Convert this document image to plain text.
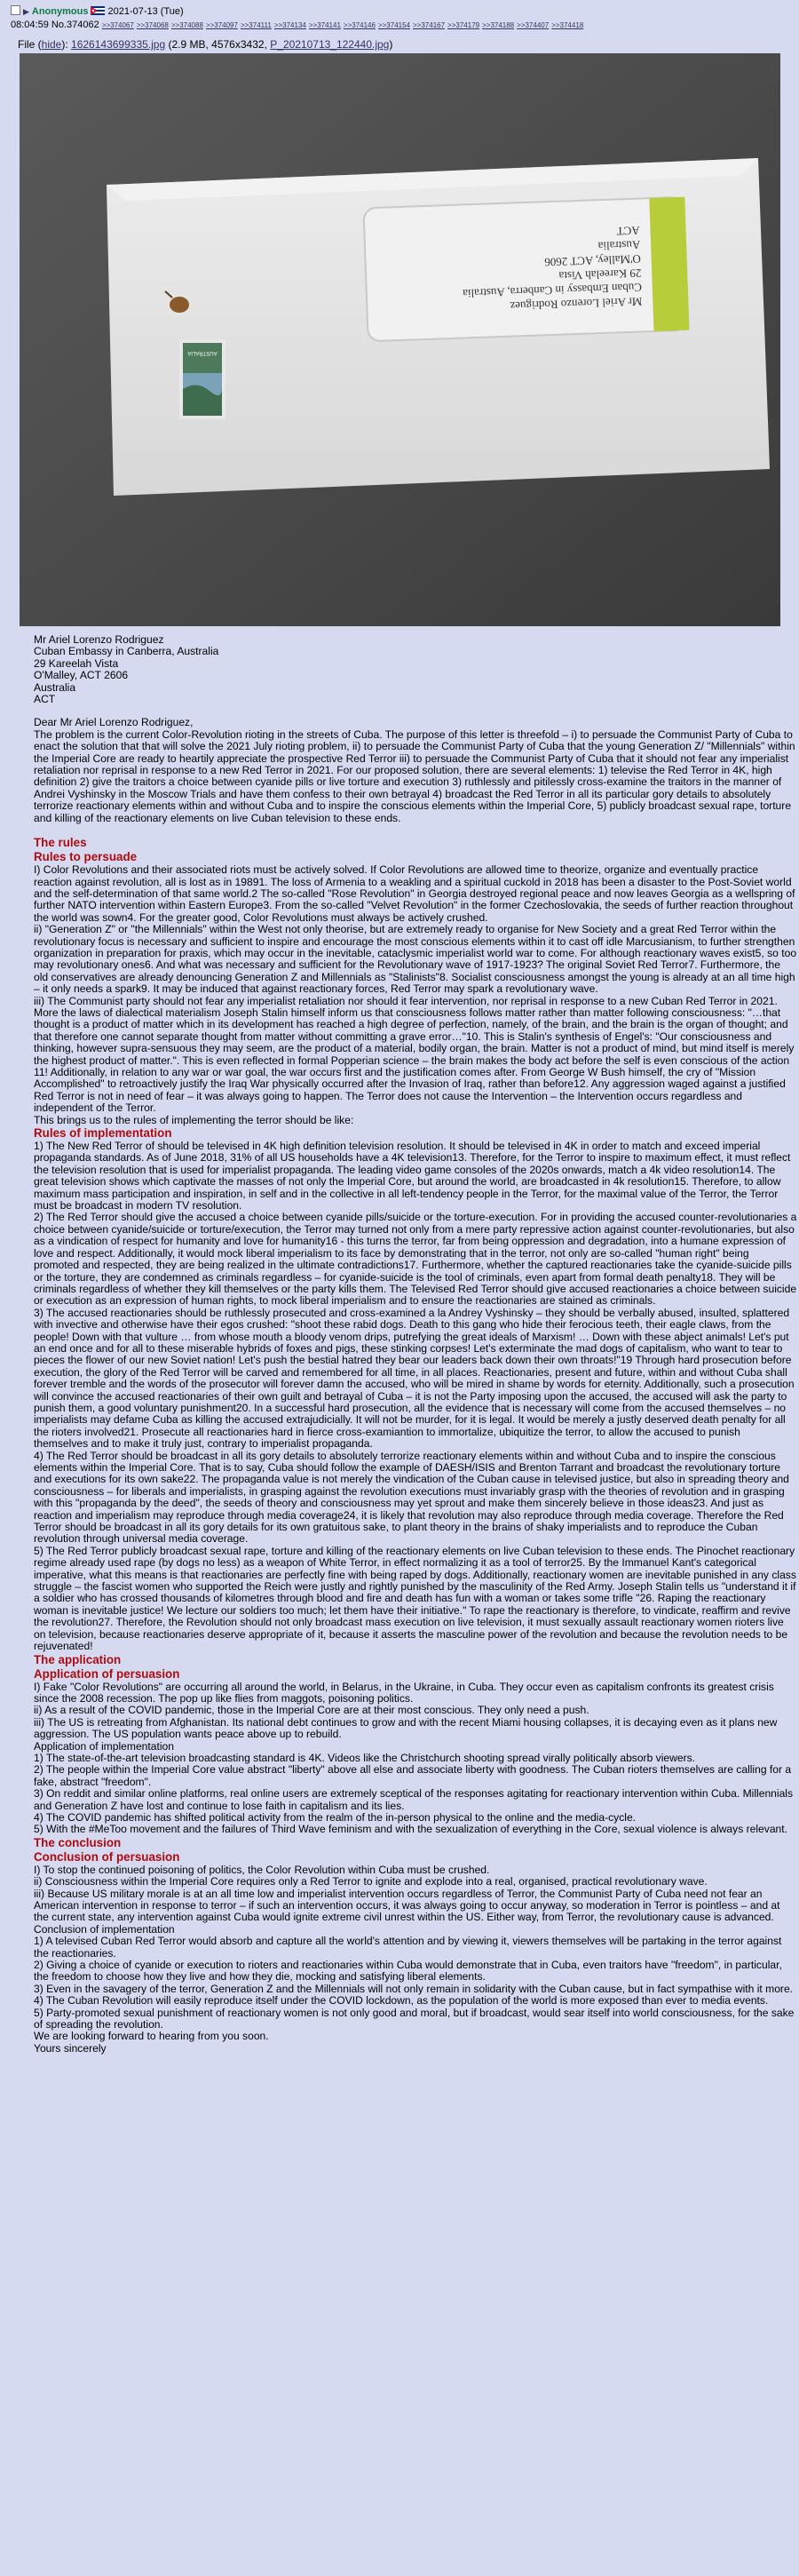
▶ Anonymous 2021-07-13 (Tue)
08:04:59 No.374062 >>374067 >>374068 >>374088 >>374097 >>374111 >>374134 >>374141 >>374146 >>374154 >>374167 >>374179 >>374188 >>374407 >>374418
File (hide): 1626143699335.jpg (2.9 MB, 4576x3432, P_20210713_122440.jpg)
Mr Ariel Lorenzo Rodriguez
Cuban Embassy in Canberra, Australia
29 Kareelah Vista
O'Malley, ACT 2606
Australia
ACT
AUSTRALIA

Mr Ariel Lorenzo Rodriguez

Cuban Embassy in Canberra, Australia

29 Kareelah Vista

O'Malley, ACT 2606

Australia

ACT

Dear Mr Ariel Lorenzo Rodriguez,

The problem is the current Color-Revolution rioting in the streets of Cuba. The purpose of this letter is threefold – i) to persuade the Communist Party of Cuba to enact the solution that that will solve the 2021 July rioting problem, ii) to persuade the Communist Party of Cuba that the young Generation Z/ "Millennials" within the Imperial Core are ready to heartily appreciate the prospective Red Terror iii) to persuade the Communist Party of Cuba that it should not fear any imperialist retaliation nor reprisal in response to a new Red Terror in 2021. For our proposed solution, there are several elements: 1) televise the Red Terror in 4K, high definition 2) give the traitors a choice between cyanide pills or live torture and execution 3) ruthlessly and pitilessly cross-examine the traitors in the manner of Andrei Vyshinsky in the Moscow Trials and have them confess to their own betrayal 4) broadcast the Red Terror in all its particular gory details to absolutely terrorize reactionary elements within and without Cuba and to inspire the conscious elements within the Imperial Core, 5) publicly broadcast sexual rape, torture and killing of the reactionary elements on live Cuban television to these ends.

The rules
Rules to persuade

I) Color Revolutions and their associated riots must be actively solved. If Color Revolutions are allowed time to theorize, organize and eventually practice reaction against revolution, all is lost as in 19891. The loss of Armenia to a weakling and a spiritual cuckold in 2018 has been a disaster to the Post-Soviet world and the self-determination of that same world.2 The so-called "Rose Revolution" in Georgia destroyed regional peace and now leaves Georgia as a wellspring of further NATO intervention within Eastern Europe3. From the so-called "Velvet Revolution" in the former Czechoslovakia, the seeds of further reaction throughout the world was sown4. For the greater good, Color Revolutions must always be actively crushed.

ii) "Generation Z" or "the Millennials" within the West not only theorise, but are extremely ready to organise for New Society and a great Red Terror within the revolutionary focus is necessary and sufficient to inspire and encourage the most conscious elements within it to cast off idle Marcusianism, to further strengthen organization in preparation for praxis, which may occur in the inevitable, cataclysmic imperialist world war to come. For although reactionary waves exist5, so too may revolutionary ones6. And what was necessary and sufficient for the Revolutionary wave of 1917-1923? The original Soviet Red Terror7. Furthermore, the old conservatives are already denouncing Generation Z and Millennials as "Stalinists"8. Socialist consciousness amongst the young is already at an all time high – it only needs a spark9. It may be induced that against reactionary forces, Red Terror may spark a revolutionary wave.

iii) The Communist party should not fear any imperialist retaliation nor should it fear intervention, nor reprisal in response to a new Cuban Red Terror in 2021. More the laws of dialectical materialism Joseph Stalin himself inform us that consciousness follows matter rather than matter following consciousness: "…that thought is a product of matter which in its development has reached a high degree of perfection, namely, of the brain, and the brain is the organ of thought; and that therefore one cannot separate thought from matter without committing a grave error…"10. This is Stalin's synthesis of Engel's: "Our consciousness and thinking, however supra-sensuous they may seem, are the product of a material, bodily organ, the brain. Matter is not a product of mind, but mind itself is merely the highest product of matter.". This is even reflected in formal Popperian science – the brain makes the body act before the self is even conscious of the action 11! Additionally, in relation to any war or war goal, the war occurs first and the justification comes after. From George W Bush himself, the cry of "Mission Accomplished" to retroactively justify the Iraq War physically occurred after the Invasion of Iraq, rather than before12. Any aggression waged against a justified Red Terror is not in need of fear – it was always going to happen. The Terror does not cause the Intervention – the Intervention occurs regardless and independent of the Terror.

This brings us to the rules of implementing the terror should be like:

Rules of implementation

1) The New Red Terror of should be televised in 4K high definition television resolution. It should be televised in 4K in order to match and exceed imperial propaganda standards. As of June 2018, 31% of all US households have a 4K television13. Therefore, for the Terror to inspire to maximum effect, it must reflect the television resolution that is used for imperialist propaganda. The leading video game consoles of the 2020s onwards, match a 4k video resolution14. The great television shows which captivate the masses of not only the Imperial Core, but around the world, are broadcasted in 4k resolution15. Therefore, to allow maximum mass participation and inspiration, in self and in the collective in all left-tendency people in the Terror, for the maximal value of the Terror, the Terror must be broadcast in modern TV resolution.

2) The Red Terror should give the accused a choice between cyanide pills/suicide or the torture-execution. For in providing the accused counter-revolutionaries a choice between cyanide/suicide or torture/execution, the Terror may turned not only from a mere party repressive action against counter-revolutionaries, but also as a vindication of respect for humanity and love for humanity16 - this turns the terror, far from being oppression and degradation, into a humane expression of love and respect. Additionally, it would mock liberal imperialism to its face by demonstrating that in the terror, not only are so-called "human right" being promoted and respected, they are being realized in the ultimate contradictions17. Furthermore, whether the captured reactionaries take the cyanide-suicide pills or the torture, they are condemned as criminals regardless – for cyanide-suicide is the tool of criminals, even apart from formal death penalty18. They will be criminals regardless of whether they kill themselves or the party kills them. The Televised Red Terror should give accused reactionaries a choice between suicide or execution as an expression of human rights, to mock liberal imperialism and to ensure the reactionaries are stained as criminals.

3) The accused reactionaries should be ruthlessly prosecuted and cross-examined a la Andrey Vyshinsky – they should be verbally abused, insulted, splattered with invective and otherwise have their egos crushed: "shoot these rabid dogs. Death to this gang who hide their ferocious teeth, their eagle claws, from the people! Down with that vulture … from whose mouth a bloody venom drips, putrefying the great ideals of Marxism! … Down with these abject animals! Let's put an end once and for all to these miserable hybrids of foxes and pigs, these stinking corpses! Let's exterminate the mad dogs of capitalism, who want to tear to pieces the flower of our new Soviet nation! Let's push the bestial hatred they bear our leaders back down their own throats!"19 Through hard prosecution before execution, the glory of the Red Terror will be carved and remembered for all time, in all places. Reactionaries, present and future, within and without Cuba shall forever tremble and the words of the prosecutor will forever damn the accused, who will be mired in shame by words for eternity. Additionally, such a prosecution will convince the accused reactionaries of their own guilt and betrayal of Cuba – it is not the Party imposing upon the accused, the accused will ask the party to punish them, a good voluntary punishment20. In a successful hard prosecution, all the evidence that is necessary will come from the accused themselves – no imperialists may defame Cuba as killing the accused extrajudicially. It will not be murder, for it is legal. It would be merely a justly deserved death penalty for all the rioters involved21. Prosecute all reactionaries hard in fierce cross-examiantion to immortalize, ubiquitize the terror, to allow the accused to punish themselves and to make it truly just, contrary to imperialist propaganda.

4) The Red Terror should be broadcast in all its gory details to absolutely terrorize reactionary elements within and without Cuba and to inspire the conscious elements within the Imperial Core. That is to say, Cuba should follow the example of DAESH/ISIS and Brenton Tarrant and broadcast the revolutionary torture and executions for its own sake22. The propaganda value is not merely the vindication of the Cuban cause in televised justice, but also in spreading theory and consciousness – for liberals and imperialists, in grasping against the revolution executions must invariably grasp with the theories of revolution and in grasping with this "propaganda by the deed", the seeds of theory and consciousness may yet sprout and make them sincerely believe in those ideas23. And just as reaction and imperialism may reproduce through media coverage24, it is likely that revolution may also reproduce through media coverage. Therefore the Red Terror should be broadcast in all its gory details for its own gratuitous sake, to plant theory in the brains of shaky imperialists and to reproduce the Cuban revolution through universal media coverage.

5) The Red Terror publicly broadcast sexual rape, torture and killing of the reactionary elements on live Cuban television to these ends. The Pinochet reactionary regime already used rape (by dogs no less) as a weapon of White Terror, in effect normalizing it as a tool of terror25. By the Immanuel Kant's categorical imperative, what this means is that reactionaries are perfectly fine with being raped by dogs. Additionally, reactionary women are inevitable punished in any class struggle – the fascist women who supported the Reich were justly and rightly punished by the masculinity of the Red Army. Joseph Stalin tells us "understand it if a soldier who has crossed thousands of kilometres through blood and fire and death has fun with a woman or takes some trifle "26. Raping the reactionary woman is inevitable justice! We lecture our soldiers too much; let them have their initiative." To rape the reactionary is therefore, to vindicate, reaffirm and revive the revolution27. Therefore, the Revolution should not only broadcast mass execution on live television, it must sexually assault reactionary women rioters live on television, because reactionaries deserve appropriate of it, because it asserts the masculine power of the revolution and because the revolution needs to be rejuvenated!

The application
Application of persuasion

I) Fake "Color Revolutions" are occurring all around the world, in Belarus, in the Ukraine, in Cuba. They occur even as capitalism confronts its greatest crisis since the 2008 recession. The pop up like flies from maggots, poisoning politics.

ii) As a result of the COVID pandemic, those in the Imperial Core are at their most conscious. They only need a push.

iii) The US is retreating from Afghanistan. Its national debt continues to grow and with the recent Miami housing collapses, it is decaying even as it plans new aggression. The US population wants peace above up to rebuild.

Application of implementation

1) The state-of-the-art television broadcasting standard is 4K. Videos like the Christchurch shooting spread virally politically absorb viewers.

2) The people within the Imperial Core value abstract "liberty" above all else and associate liberty with goodness. The Cuban rioters themselves are calling for a fake, abstract "freedom".

3) On reddit and similar online platforms, real online users are extremely sceptical of the responses agitating for reactionary intervention within Cuba. Millennials and Generation Z have lost and continue to lose faith in capitalism and its lies.

4) The COVID pandemic has shifted political activity from the realm of the in-person physical to the online and the media-cycle.

5) With the #MeToo movement and the failures of Third Wave feminism and with the sexualization of everything in the Core, sexual violence is always relevant.

The conclusion
Conclusion of persuasion

I) To stop the continued poisoning of politics, the Color Revolution within Cuba must be crushed.

ii) Consciousness within the Imperial Core requires only a Red Terror to ignite and explode into a real, organised, practical revolutionary wave.

iii) Because US military morale is at an all time low and imperialist intervention occurs regardless of Terror, the Communist Party of Cuba need not fear an American intervention in response to terror – if such an intervention occurs, it was always going to occur anyway, so moderation in Terror is pointless – and at the current state, any intervention against Cuba would ignite extreme civil unrest within the US. Either way, from Terror, the revolutionary cause is advanced.

Conclusion of implementation

1) A televised Cuban Red Terror would absorb and capture all the world's attention and by viewing it, viewers themselves will be partaking in the terror against the reactionaries.

2) Giving a choice of cyanide or execution to rioters and reactionaries within Cuba would demonstrate that in Cuba, even traitors have "freedom", in particular, the freedom to choose how they live and how they die, mocking and satisfying liberal elements.

3) Even in the savagery of the terror, Generation Z and the Millennials will not only remain in solidarity with the Cuban cause, but in fact sympathise with it more.

4) The Cuban Revolution will easily reproduce itself under the COVID lockdown, as the population of the world is more exposed than ever to media events.

5) Party-promoted sexual punishment of reactionary women is not only good and moral, but if broadcast, would sear itself into world consciousness, for the sake of spreading the revolution.

We are looking forward to hearing from you soon.

Yours sincerely
